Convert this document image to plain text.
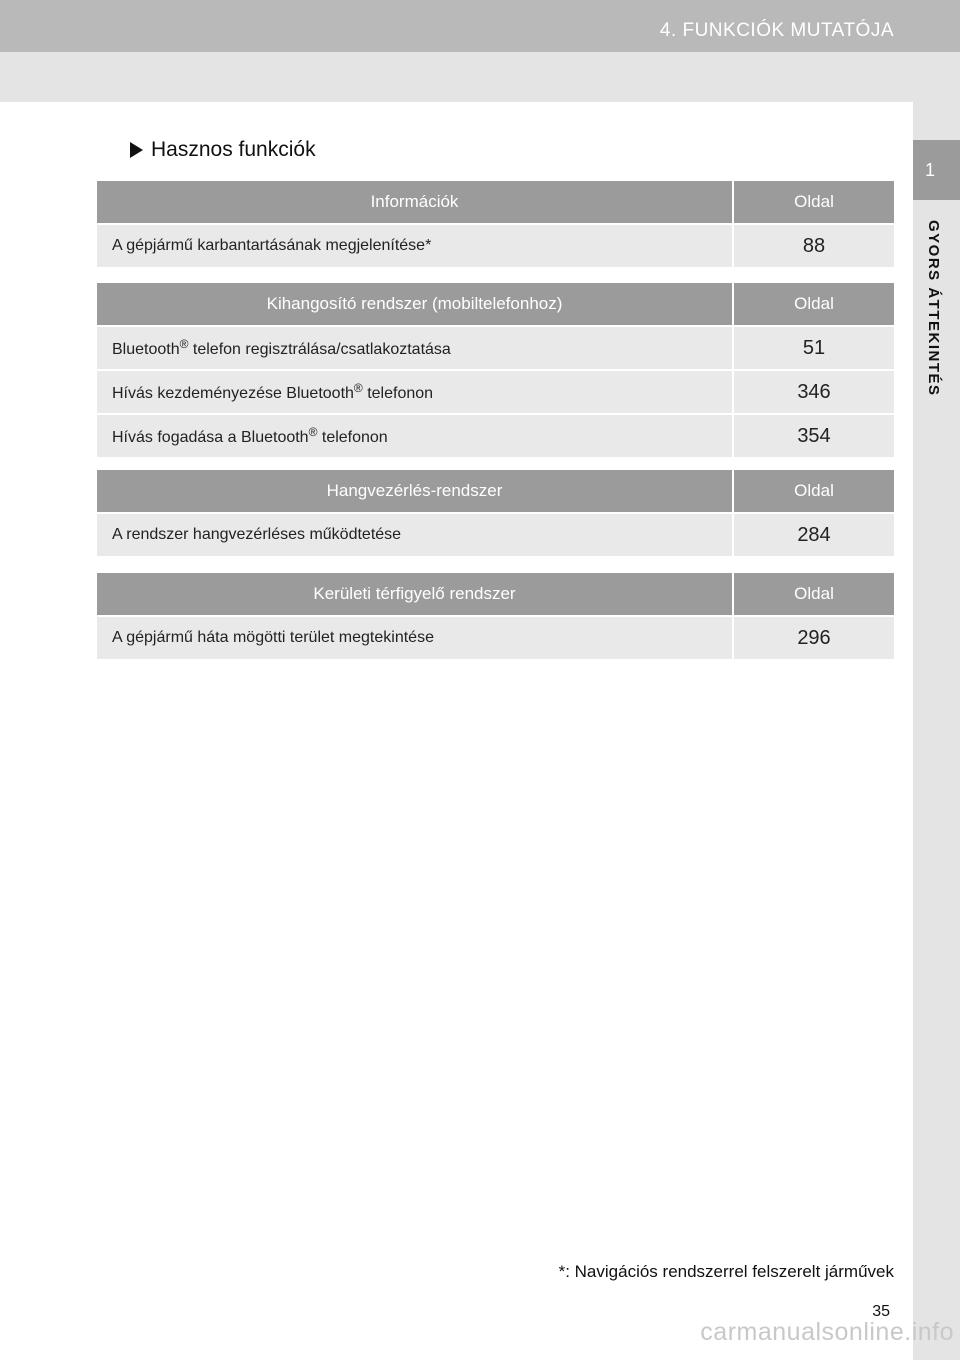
4. FUNKCIÓK MUTATÓJA
1
GYORS ÁTTEKINTÉS
Hasznos funkciók
Információk	Oldal
A gépjármű karbantartásának megjelenítése*	88
Kihangosító rendszer (mobiltelefonhoz)	Oldal
Bluetooth® telefon regisztrálása/csatlakoztatása	51
Hívás kezdeményezése Bluetooth® telefonon	346
Hívás fogadása a Bluetooth® telefonon	354
Hangvezérlés-rendszer	Oldal
A rendszer hangvezérléses működtetése	284
Kerületi térfigyelő rendszer	Oldal
A gépjármű háta mögötti terület megtekintése	296
*: Navigációs rendszerrel felszerelt járművek
35
carmanualsonline.info
